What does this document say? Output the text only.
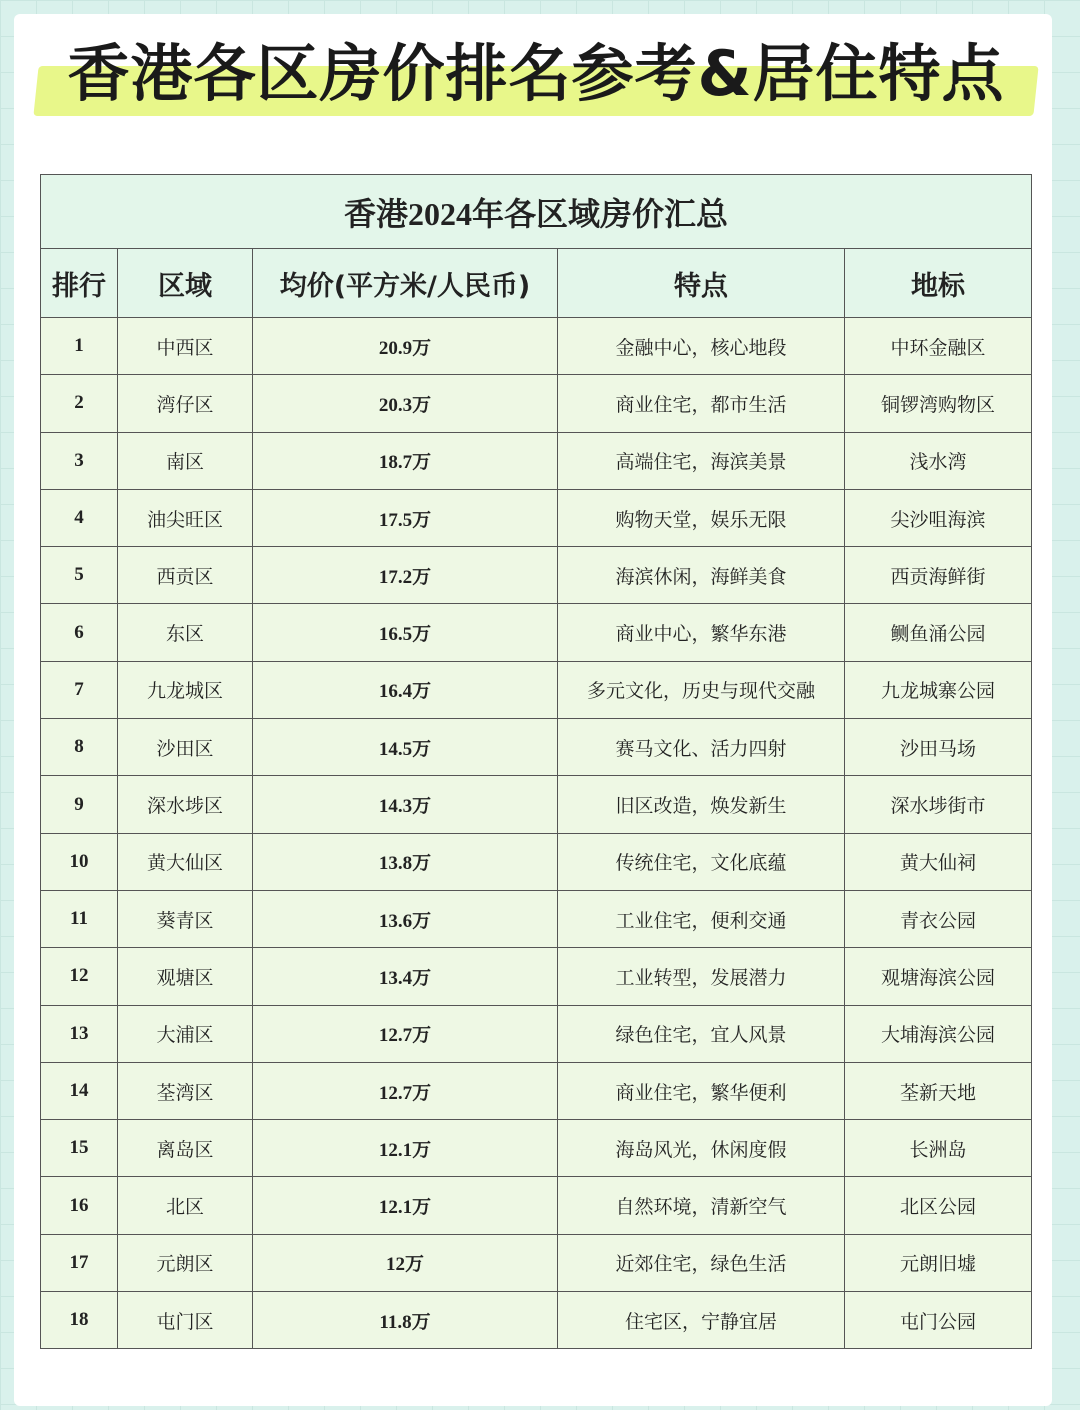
香港各区房价排名参考&居住特点
香港2024年各区域房价汇总				
排行	区域	均价(平方米/人民币)	特点	地标
1	中西区	20.9万	金融中心，核心地段	中环金融区
2	湾仔区	20.3万	商业住宅，都市生活	铜锣湾购物区
3	南区	18.7万	高端住宅，海滨美景	浅水湾
4	油尖旺区	17.5万	购物天堂，娱乐无限	尖沙咀海滨
5	西贡区	17.2万	海滨休闲，海鲜美食	西贡海鲜街
6	东区	16.5万	商业中心，繁华东港	鲗鱼涌公园
7	九龙城区	16.4万	多元文化，历史与现代交融	九龙城寨公园
8	沙田区	14.5万	赛马文化、活力四射	沙田马场
9	深水埗区	14.3万	旧区改造，焕发新生	深水埗街市
10	黄大仙区	13.8万	传统住宅，文化底蕴	黄大仙祠
11	葵青区	13.6万	工业住宅，便利交通	青衣公园
12	观塘区	13.4万	工业转型，发展潜力	观塘海滨公园
13	大浦区	12.7万	绿色住宅，宜人风景	大埔海滨公园
14	荃湾区	12.7万	商业住宅，繁华便利	荃新天地
15	离岛区	12.1万	海岛风光，休闲度假	长洲岛
16	北区	12.1万	自然环境，清新空气	北区公园
17	元朗区	12万	近郊住宅，绿色生活	元朗旧墟
18	屯门区	11.8万	住宅区，宁静宜居	屯门公园
